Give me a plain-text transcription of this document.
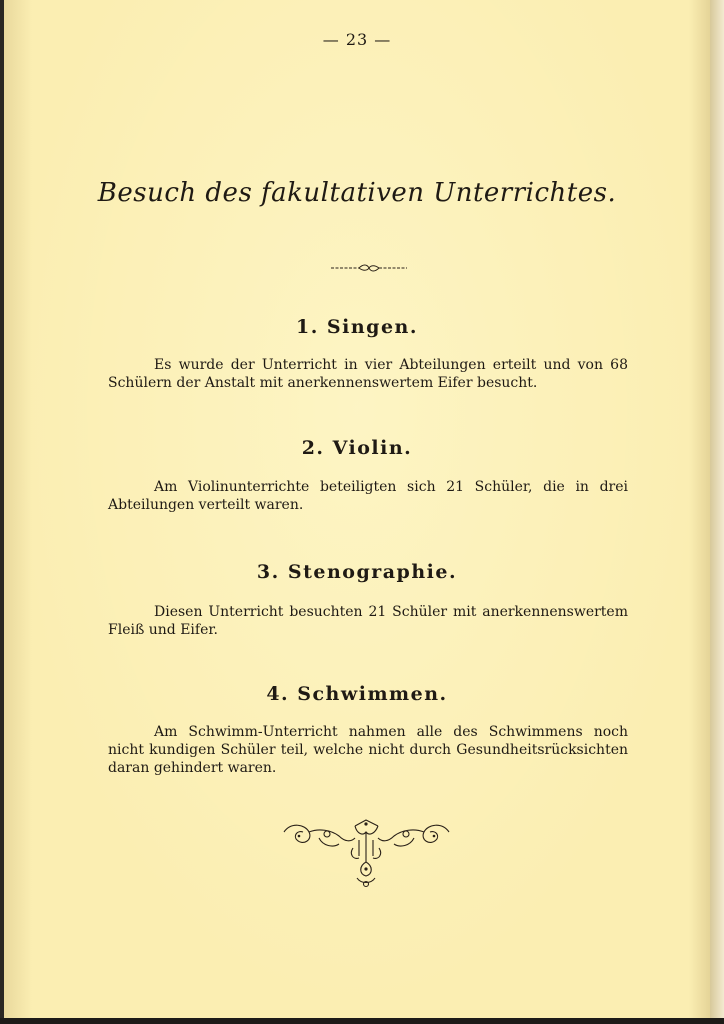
— 23 —
Besuch des fakultativen Unterrichtes.
1. Singen.
Es wurde der Unterricht in vier Abteilungen erteilt und von 68 Schülern der Anstalt mit anerkennenswertem Eifer besucht.
2. Violin.
Am Violinunterrichte beteiligten sich 21 Schüler, die in drei Abteilungen verteilt waren.
3. Stenographie.
Diesen Unterricht besuchten 21 Schüler mit anerkennenswertem Fleiß und Eifer.
4. Schwimmen.
Am Schwimm-Unterricht nahmen alle des Schwimmens noch nicht kundigen Schüler teil, welche nicht durch Gesundheitsrücksichten daran gehindert waren.
